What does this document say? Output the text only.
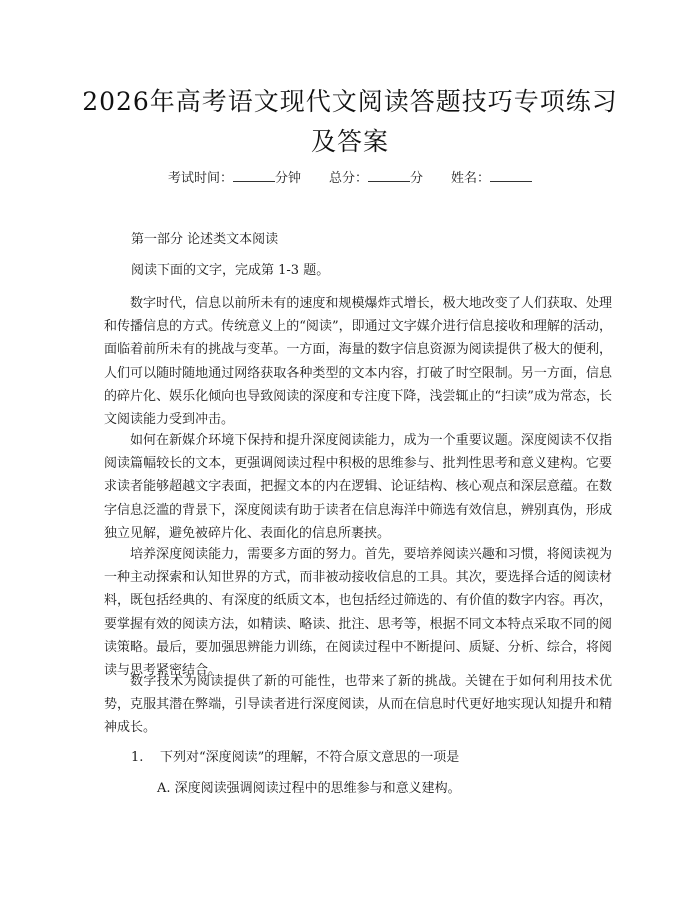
2026年高考语文现代文阅读答题技巧专项练习及答案
考试时间：	分钟 总分：	分 姓名：
第一部分 论述类文本阅读
阅读下面的文字，完成第 1-3 题。

数字时代，信息以前所未有的速度和规模爆炸式增长，极大地改变了人们获取、处理和传播信息的方式。传统意义上的“阅读”，即通过文字媒介进行信息接收和理解的活动，面临着前所未有的挑战与变革。一方面，海量的数字信息资源为阅读提供了极大的便利，人们可以随时随地通过网络获取各种类型的文本内容，打破了时空限制。另一方面，信息的碎片化、娱乐化倾向也导致阅读的深度和专注度下降，浅尝辄止的“扫读”成为常态，长文阅读能力受到冲击。

如何在新媒介环境下保持和提升深度阅读能力，成为一个重要议题。深度阅读不仅指阅读篇幅较长的文本，更强调阅读过程中积极的思维参与、批判性思考和意义建构。它要求读者能够超越文字表面，把握文本的内在逻辑、论证结构、核心观点和深层意蕴。在数字信息泛滥的背景下，深度阅读有助于读者在信息海洋中筛选有效信息，辨别真伪，形成独立见解，避免被碎片化、表面化的信息所裹挟。

培养深度阅读能力，需要多方面的努力。首先，要培养阅读兴趣和习惯，将阅读视为一种主动探索和认知世界的方式，而非被动接收信息的工具。其次，要选择合适的阅读材料，既包括经典的、有深度的纸质文本，也包括经过筛选的、有价值的数字内容。再次，要掌握有效的阅读方法，如精读、略读、批注、思考等，根据不同文本特点采取不同的阅读策略。最后，要加强思辨能力训练，在阅读过程中不断提问、质疑、分析、综合，将阅读与思考紧密结合。

数字技术为阅读提供了新的可能性，也带来了新的挑战。关键在于如何利用技术优势，克服其潜在弊端，引导读者进行深度阅读，从而在信息时代更好地实现认知提升和精神成长。

1. 下列对“深度阅读”的理解，不符合原文意思的一项是
A. 深度阅读强调阅读过程中的思维参与和意义建构。
